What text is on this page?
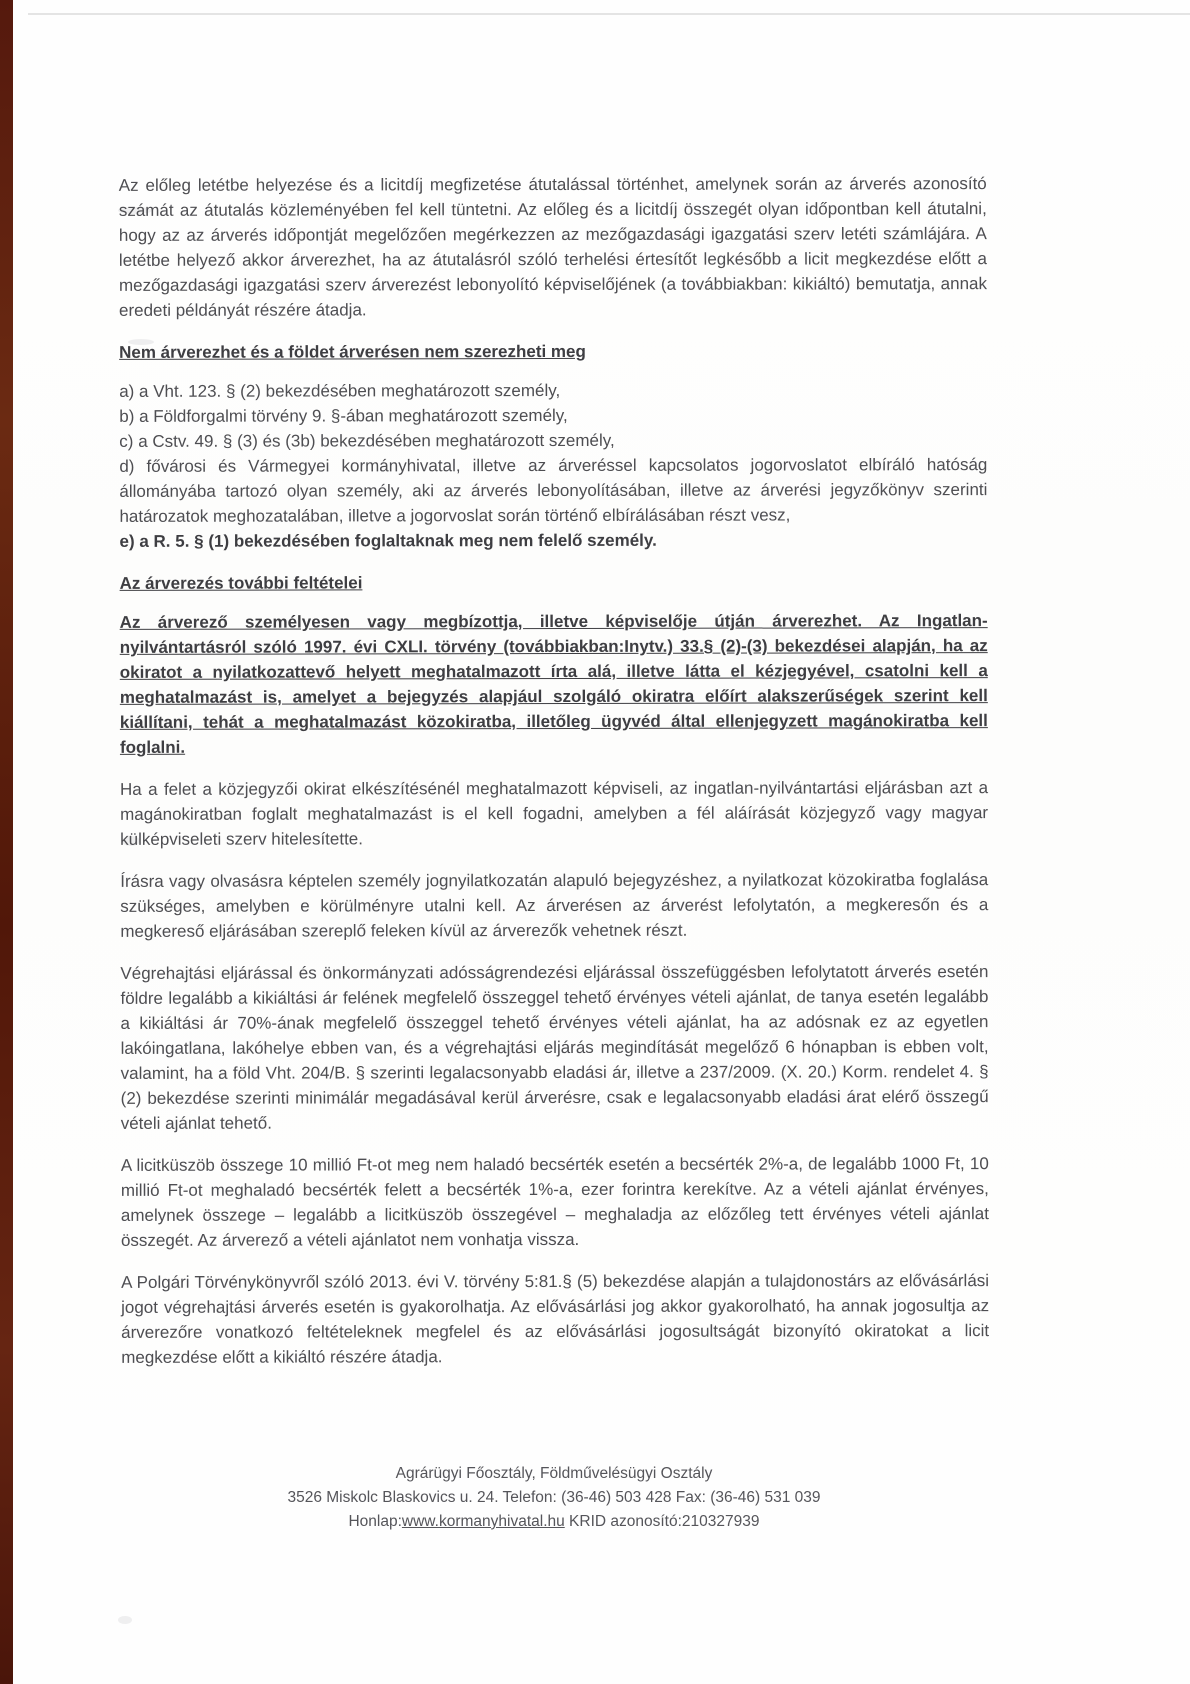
Az előleg letétbe helyezése és a licitdíj megfizetése átutalással történhet, amelynek során az árverés azonosító számát az átutalás közleményében fel kell tüntetni. Az előleg és a licitdíj összegét olyan időpontban kell átutalni, hogy az az árverés időpontját megelőzően megérkezzen az mezőgazdasági igazgatási szerv letéti számlájára. A letétbe helyező akkor árverezhet, ha az átutalásról szóló terhelési értesítőt legkésőbb a licit megkezdése előtt a mezőgazdasági igazgatási szerv árverezést lebonyolító képviselőjének (a továbbiakban: kikiáltó) bemutatja, annak eredeti példányát részére átadja.

Nem árverezhet és a földet árverésen nem szerezheti meg

a) a Vht. 123. § (2) bekezdésében meghatározott személy,

b) a Földforgalmi törvény 9. §-ában meghatározott személy,

c) a Cstv. 49. § (3) és (3b) bekezdésében meghatározott személy,

d) fővárosi és Vármegyei kormányhivatal, illetve az árveréssel kapcsolatos jogorvoslatot elbíráló hatóság állományába tartozó olyan személy, aki az árverés lebonyolításában, illetve az árverési jegyzőkönyv szerinti határozatok meghozatalában, illetve a jogorvoslat során történő elbírálásában részt vesz,

e) a R. 5. § (1) bekezdésében foglaltaknak meg nem felelő személy.

Az árverezés további feltételei

Az árverező személyesen vagy megbízottja, illetve képviselője útján árverezhet. Az Ingatlan-nyilvántartásról szóló 1997. évi CXLI. törvény (továbbiakban:Inytv.) 33.§ (2)-(3) bekezdései alapján, ha az okiratot a nyilatkozattevő helyett meghatalmazott írta alá, illetve látta el kézjegyével, csatolni kell a meghatalmazást is, amelyet a bejegyzés alapjául szolgáló okiratra előírt alakszerűségek szerint kell kiállítani, tehát a meghatalmazást közokiratba, illetőleg ügyvéd által ellenjegyzett magánokiratba kell foglalni.

Ha a felet a közjegyzői okirat elkészítésénél meghatalmazott képviseli, az ingatlan-nyilvántartási eljárásban azt a magánokiratban foglalt meghatalmazást is el kell fogadni, amelyben a fél aláírását közjegyző vagy magyar külképviseleti szerv hitelesítette.

Írásra vagy olvasásra képtelen személy jognyilatkozatán alapuló bejegyzéshez, a nyilatkozat közokiratba foglalása szükséges, amelyben e körülményre utalni kell. Az árverésen az árverést lefolytatón, a megkeresőn és a megkereső eljárásában szereplő feleken kívül az árverezők vehetnek részt.

Végrehajtási eljárással és önkormányzati adósságrendezési eljárással összefüggésben lefolytatott árverés esetén földre legalább a kikiáltási ár felének megfelelő összeggel tehető érvényes vételi ajánlat, de tanya esetén legalább a kikiáltási ár 70%-ának megfelelő összeggel tehető érvényes vételi ajánlat, ha az adósnak ez az egyetlen lakóingatlana, lakóhelye ebben van, és a végrehajtási eljárás megindítását megelőző 6 hónapban is ebben volt, valamint, ha a föld Vht. 204/B. § szerinti legalacsonyabb eladási ár, illetve a 237/2009. (X. 20.) Korm. rendelet 4. § (2) bekezdése szerinti minimálár megadásával kerül árverésre, csak e legalacsonyabb eladási árat elérő összegű vételi ajánlat tehető.

A licitküszöb összege 10 millió Ft-ot meg nem haladó becsérték esetén a becsérték 2%-a, de legalább 1000 Ft, 10 millió Ft-ot meghaladó becsérték felett a becsérték 1%-a, ezer forintra kerekítve. Az a vételi ajánlat érvényes, amelynek összege – legalább a licitküszöb összegével – meghaladja az előzőleg tett érvényes vételi ajánlat összegét. Az árverező a vételi ajánlatot nem vonhatja vissza.

A Polgári Törvénykönyvről szóló 2013. évi V. törvény 5:81.§ (5) bekezdése alapján a tulajdonostárs az elővásárlási jogot végrehajtási árverés esetén is gyakorolhatja. Az elővásárlási jog akkor gyakorolható, ha annak jogosultja az árverezőre vonatkozó feltételeknek megfelel és az elővásárlási jogosultságát bizonyító okiratokat a licit megkezdése előtt a kikiáltó részére átadja.

Agrárügyi Főosztály, Földművelésügyi Osztály
3526 Miskolc Blaskovics u. 24. Telefon: (36-46) 503 428 Fax: (36-46) 531 039
Honlap:www.kormanyhivatal.hu KRID azonosító:210327939
